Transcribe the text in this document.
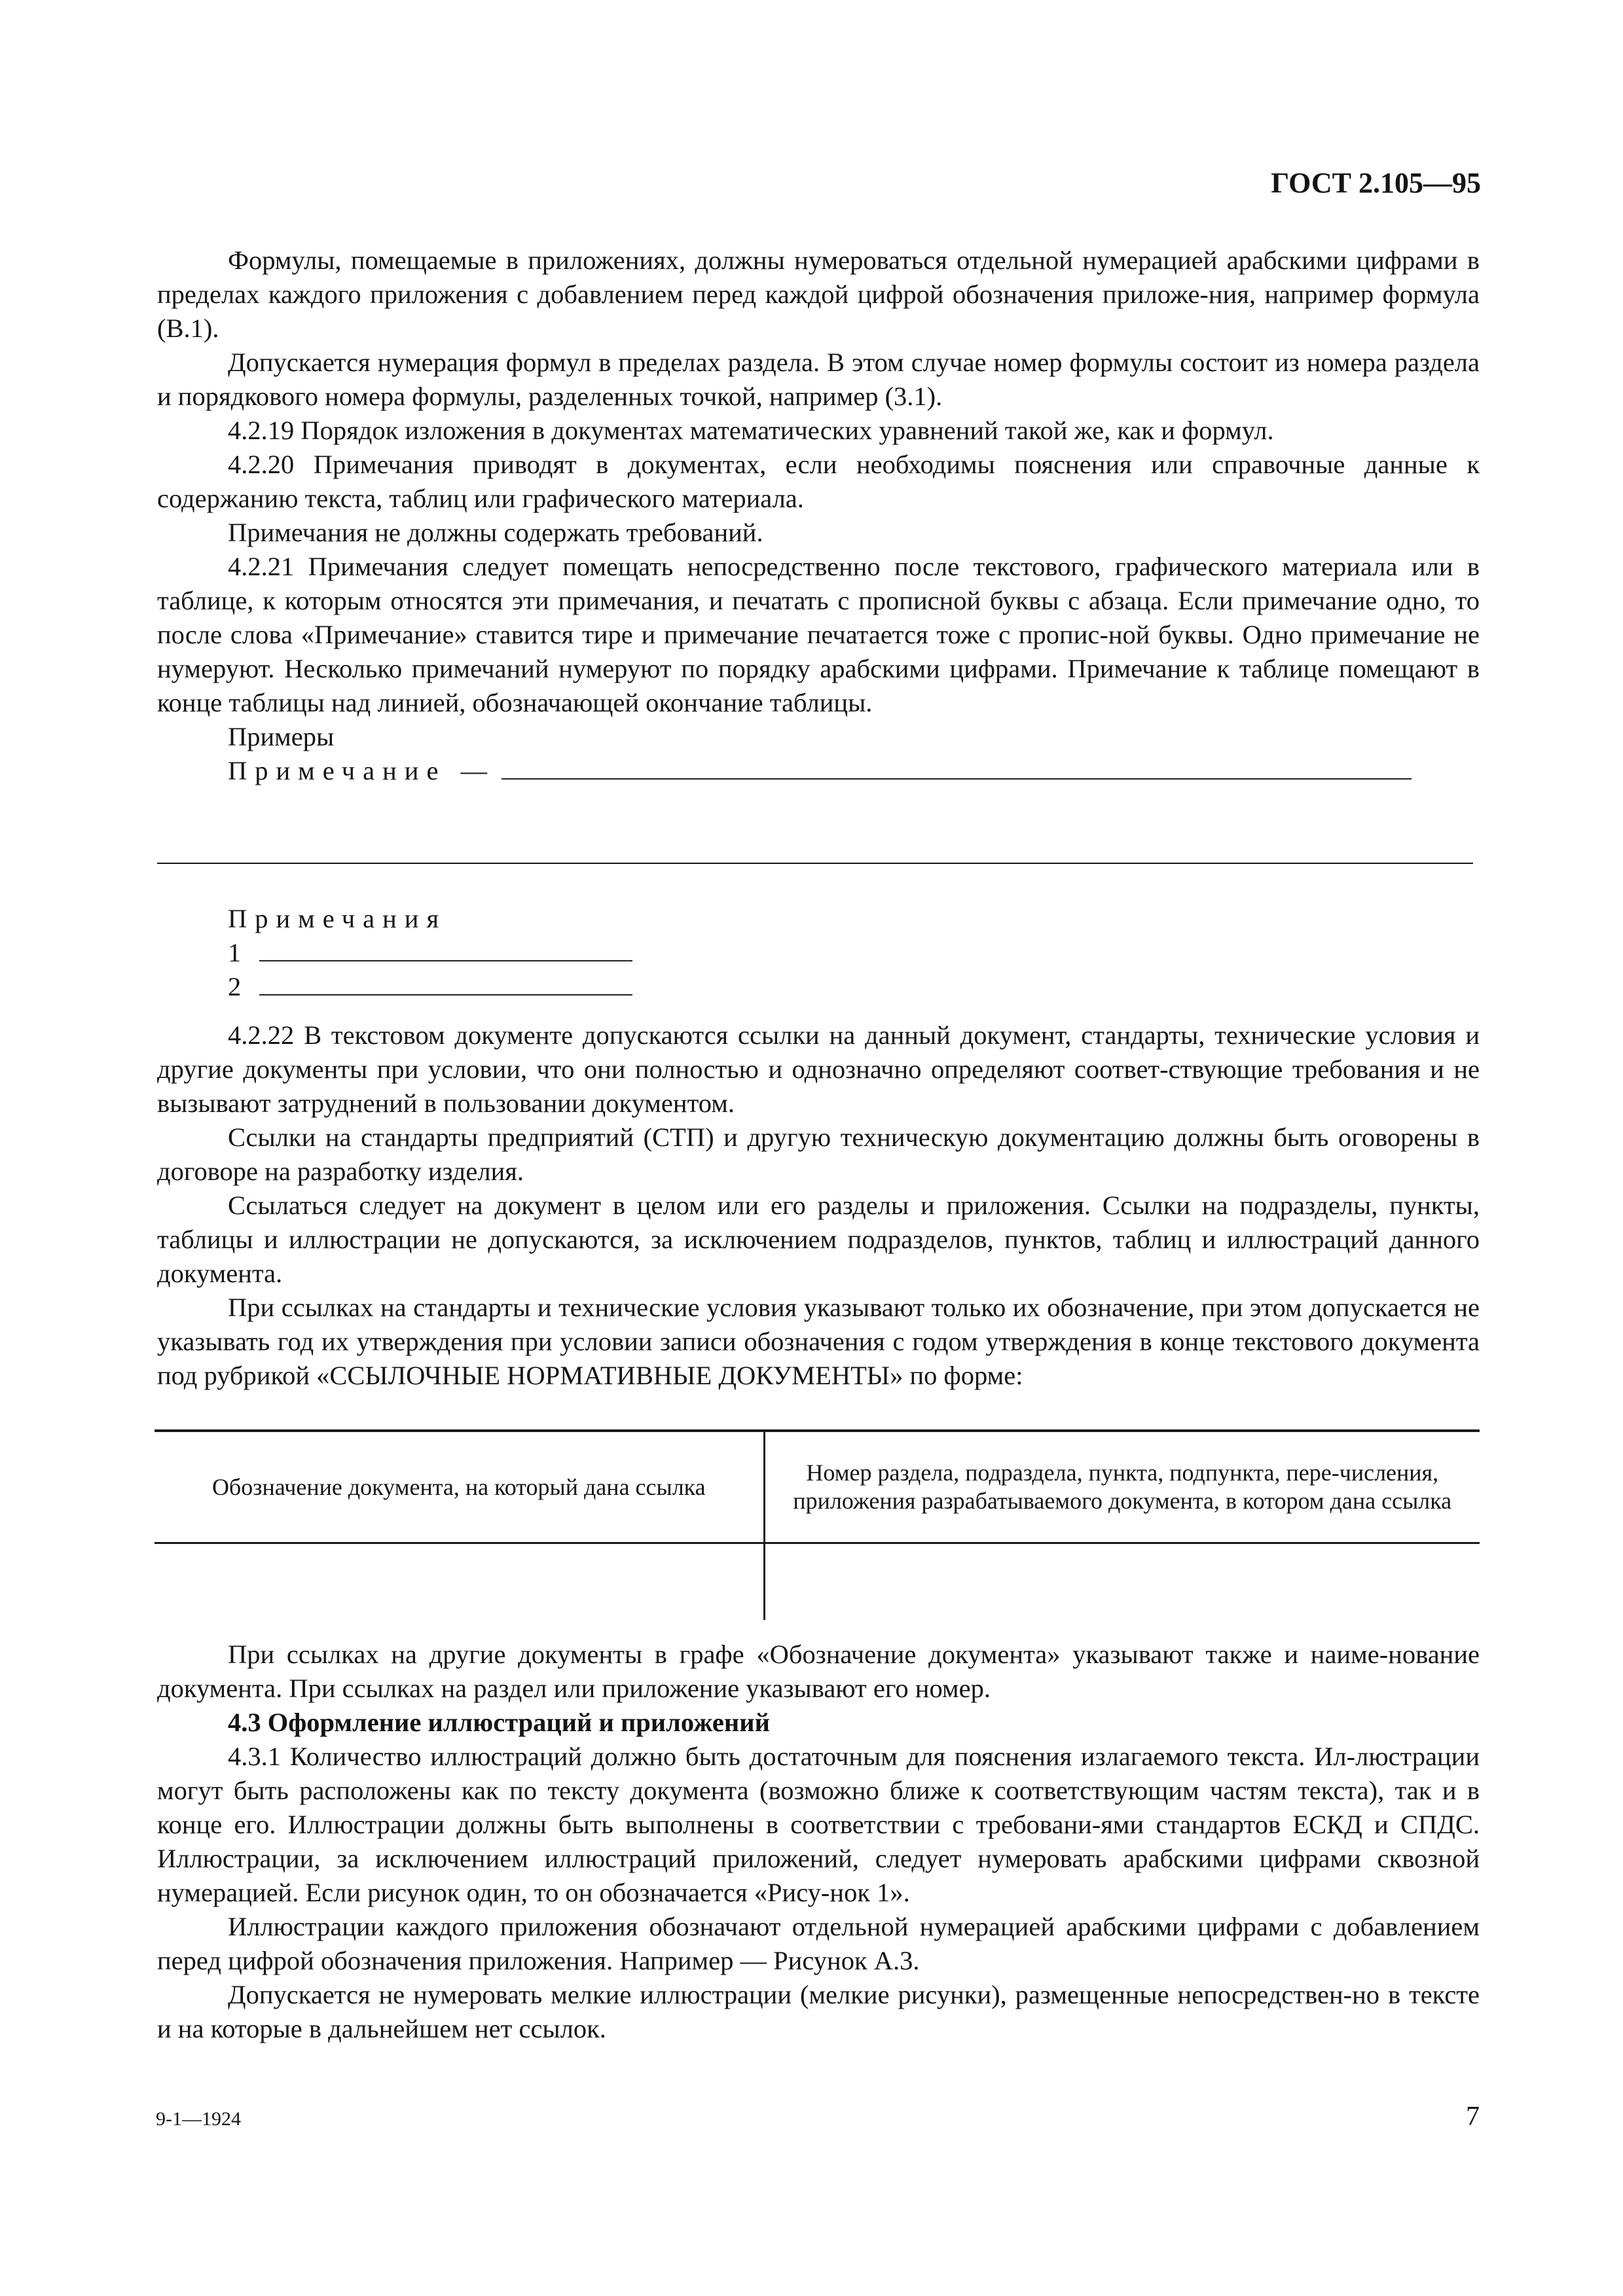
ГОСТ 2.105—95

Формулы, помещаемые в приложениях, должны нумероваться отдельной нумерацией арабскими цифрами в пределах каждого приложения с добавлением перед каждой цифрой обозначения приложе-ния, например формула (В.1).

Допускается нумерация формул в пределах раздела. В этом случае номер формулы состоит из номера раздела и порядкового номера формулы, разделенных точкой, например (3.1).

4.2.19 Порядок изложения в документах математических уравнений такой же, как и формул.

4.2.20 Примечания приводят в документах, если необходимы пояснения или справочные данные к содержанию текста, таблиц или графического материала.

Примечания не должны содержать требований.

4.2.21 Примечания следует помещать непосредственно после текстового, графического материала или в таблице, к которым относятся эти примечания, и печатать с прописной буквы с абзаца. Если примечание одно, то после слова «Примечание» ставится тире и примечание печатается тоже с пропис-ной буквы. Одно примечание не нумеруют. Несколько примечаний нумеруют по порядку арабскими цифрами. Примечание к таблице помещают в конце таблицы над линией, обозначающей окончание таблицы.

Примеры
Примечание —
Примечания
1
2

4.2.22 В текстовом документе допускаются ссылки на данный документ, стандарты, технические условия и другие документы при условии, что они полностью и однозначно определяют соответ-ствующие требования и не вызывают затруднений в пользовании документом.

Ссылки на стандарты предприятий (СТП) и другую техническую документацию должны быть оговорены в договоре на разработку изделия.

Ссылаться следует на документ в целом или его разделы и приложения. Ссылки на подразделы, пункты, таблицы и иллюстрации не допускаются, за исключением подразделов, пунктов, таблиц и иллюстраций данного документа.

При ссылках на стандарты и технические условия указывают только их обозначение, при этом допускается не указывать год их утверждения при условии записи обозначения с годом утверждения в конце текстового документа под рубрикой «ССЫЛОЧНЫЕ НОРМАТИВНЫЕ ДОКУМЕНТЫ» по форме:

Обозначение документа, на который дана ссылка	Номер раздела, подраздела, пункта, подпункта, пере-числения, приложения разрабатываемого документа, в котором дана ссылка

При ссылках на другие документы в графе «Обозначение документа» указывают также и наиме-нование документа. При ссылках на раздел или приложение указывают его номер.

4.3 Оформление иллюстраций и приложений

4.3.1 Количество иллюстраций должно быть достаточным для пояснения излагаемого текста. Ил-люстрации могут быть расположены как по тексту документа (возможно ближе к соответствующим частям текста), так и в конце его. Иллюстрации должны быть выполнены в соответствии с требовани-ями стандартов ЕСКД и СПДС. Иллюстрации, за исключением иллюстраций приложений, следует нумеровать арабскими цифрами сквозной нумерацией. Если рисунок один, то он обозначается «Рису-нок 1».

Иллюстрации каждого приложения обозначают отдельной нумерацией арабскими цифрами с добавлением перед цифрой обозначения приложения. Например — Рисунок А.3.

Допускается не нумеровать мелкие иллюстрации (мелкие рисунки), размещенные непосредствен-но в тексте и на которые в дальнейшем нет ссылок.

9-1—1924	7
